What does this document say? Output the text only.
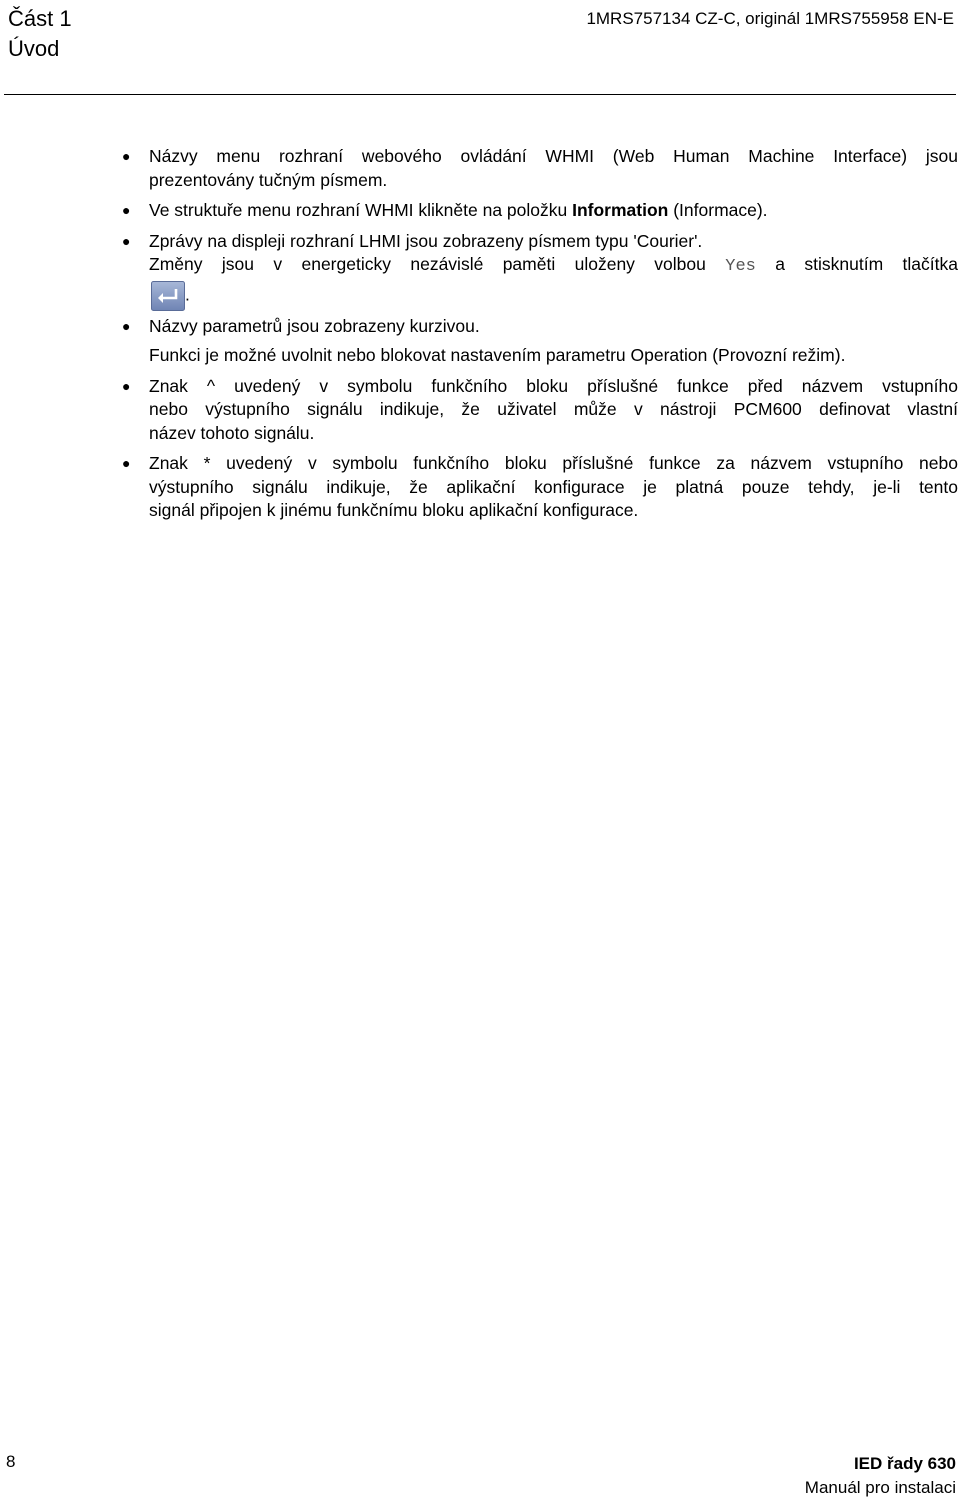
Část 1
Úvod
1MRS757134 CZ-C, originál 1MRS755958 EN-E
● Názvy menu rozhraní webového ovládání WHMI (Web Human Machine Interface) jsou
prezentovány tučným písmem.
● Ve struktuře menu rozhraní WHMI klikněte na položku Information (Informace).
● Zprávy na displeji rozhraní LHMI jsou zobrazeny písmem typu 'Courier'.
Změny jsou v energeticky nezávislé paměti uloženy volbou Yes a stisknutím tlačítka
.
● Názvy parametrů jsou zobrazeny kurzivou.
Funkci je možné uvolnit nebo blokovat nastavením parametru Operation (Provozní režim).
● Znak ^ uvedený v symbolu funkčního bloku příslušné funkce před názvem vstupního
nebo výstupního signálu indikuje, že uživatel může v nástroji PCM600 definovat vlastní
název tohoto signálu.
● Znak * uvedený v symbolu funkčního bloku příslušné funkce za názvem vstupního nebo
výstupního signálu indikuje, že aplikační konfigurace je platná pouze tehdy, je-li tento
signál připojen k jinému funkčnímu bloku aplikační konfigurace.
8	IED řady 630
Manuál pro instalaci
